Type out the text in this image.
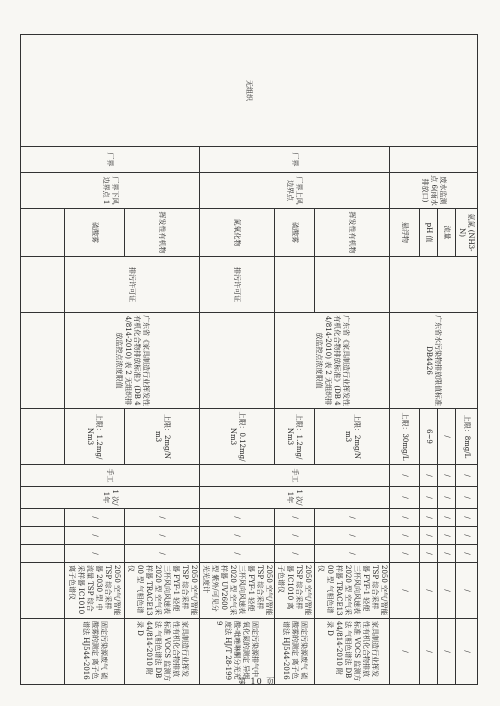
无组织		废水监测点 6(雨水排放口)	氨氮 (NH3-N)		广东省水污染物排放限值标准 DB4426	上限：8mg/L	/	/	/	/	/	/	/
			流量			/	/	/	/	/	/	/	/
			pH 值			6~9	/	/	/	/	/	/	/
			悬浮物			上限：30mg/L	/	/	/	/	/	/	/
	厂界	厂界上风边界点	挥发性有机物		广东省《家具制造行业挥发性有机化合物排放标准》(DB 44/814-2010) 表 2 无组织排放监控点浓度限值	上限：2mg/Nm3	手工	1 次/1年	/	/	/	2050 空气/智能 TSP 综合采样器 FYF-1 轻便三杯风向风速表 2020 型 空气采样器 TRACE1300 型 气相色谱仪	家具制造行业挥发性有机化合物排放标准 VOCS 监测方法 气相色谱法 DB 44/814-2010 附录 D
			硫酸雾			上限：1.2mg/Nm3			/	/	/	2050 空气/智能 TSP 综合采样器 IC1010 离子色谱仪	固定污染源废气 硫酸雾的测定 离子色谱法 HJ544-2016
			氮氧化物	排污许可证		上限：0.12mg/Nm3			/	/	/	2050 空气/智能 TSP 综合采样器 FYF-1 轻便三杯风向风速表 2020 型 空气采样器 UV2600 型 紫外/可见分光光度计	固定污染源排气中氧化氮的测定 异烟酸-吡唑啉酮分光光度法 HJ/T 28-1999
	厂界	厂界下风边界点 1	挥发性有机物	排污许可证	广东省《家具制造行业挥发性有机化合物排放标准》(DB 44/814-2010) 表 2 无组织排放监控点浓度限值	上限：2mg/Nm3	手工	1 次/1年	/	/	/	2050 空气/智能 TSP 综合采样器 FYF-1 轻便三杯风向风速表 2020 型 空气采样器 TRACE1300 型 气相色谱仪	家具制造行业挥发性有机化合物排放标准 VOCS 监测方法 气相色谱法 DB 44/814-2010 附录 D
			硫酸雾			上限：1.2mg/Nm3			/	/	/	2050 空气/智能 TSP 综合采样器 2030 型 中流量 TSP 综合采样器 IC1010 离子色谱仪	固定污染源废气 硫酸雾的测定 离子色谱法 HJ544-2016

第 10 页
